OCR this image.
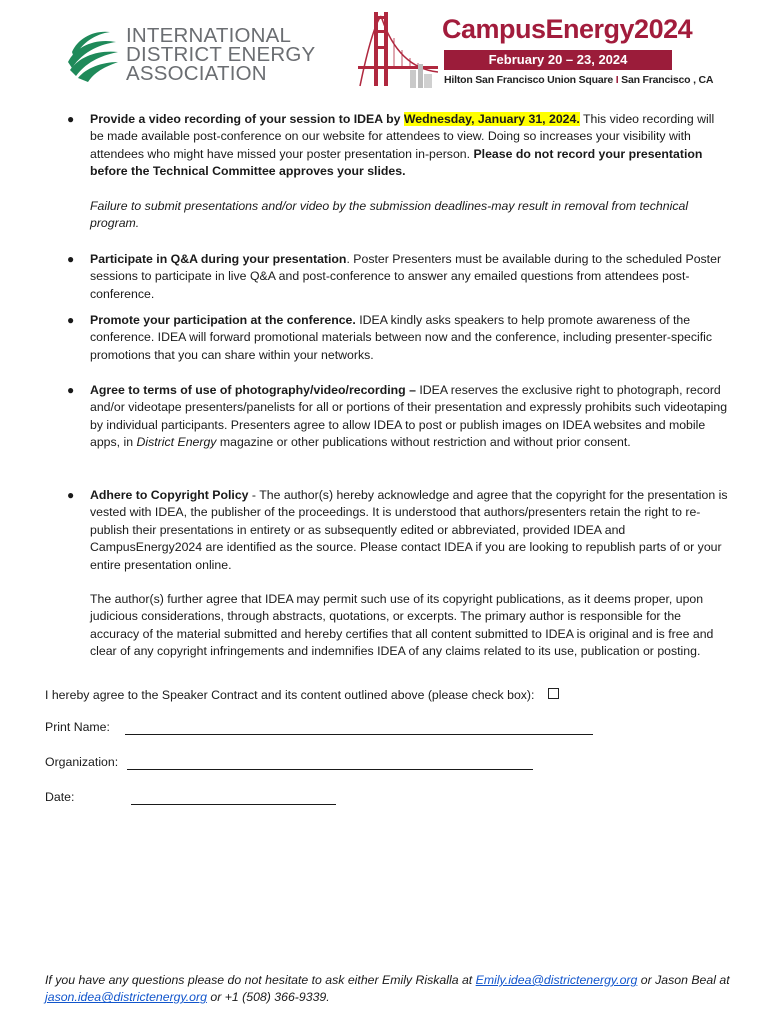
INTERNATIONAL
DISTRICT ENERGY
ASSOCIATION
CampusEnergy2024
February 20 – 23, 2024
Hilton San Francisco Union Square I San Francisco , CA
● Provide a video recording of your session to IDEA by Wednesday, January 31, 2024. This video recording will be made available post-conference on our website for attendees to view. Doing so increases your visibility with attendees who might have missed your poster presentation in-person. Please do not record your presentation before the Technical Committee approves your slides.
Failure to submit presentations and/or video by the submission deadlines-may result in removal from technical program.
● Participate in Q&A during your presentation. Poster Presenters must be available during to the scheduled Poster sessions to participate in live Q&A and post-conference to answer any emailed questions from attendees post-conference.
● Promote your participation at the conference. IDEA kindly asks speakers to help promote awareness of the conference. IDEA will forward promotional materials between now and the conference, including presenter-specific promotions that you can share within your networks.
● Agree to terms of use of photography/video/recording – IDEA reserves the exclusive right to photograph, record and/or videotape presenters/panelists for all or portions of their presentation and expressly prohibits such videotaping by individual participants. Presenters agree to allow IDEA to post or publish images on IDEA websites and mobile apps, in District Energy magazine or other publications without restriction and without prior consent.
● Adhere to Copyright Policy - The author(s) hereby acknowledge and agree that the copyright for the presentation is vested with IDEA, the publisher of the proceedings. It is understood that authors/presenters retain the right to re-publish their presentations in entirety or as subsequently edited or abbreviated, provided IDEA and CampusEnergy2024 are identified as the source. Please contact IDEA if you are looking to republish parts of or your entire presentation online.
The author(s) further agree that IDEA may permit such use of its copyright publications, as it deems proper, upon judicious considerations, through abstracts, quotations, or excerpts. The primary author is responsible for the accuracy of the material submitted and hereby certifies that all content submitted to IDEA is original and is free and clear of any copyright infringements and indemnifies IDEA of any claims related to its use, publication or posting.
I hereby agree to the Speaker Contract and its content outlined above (please check box):
Print Name:
Organization:
Date:
If you have any questions please do not hesitate to ask either Emily Riskalla at Emily.idea@districtenergy.org or Jason Beal at jason.idea@districtenergy.org or +1 (508) 366-9339.
